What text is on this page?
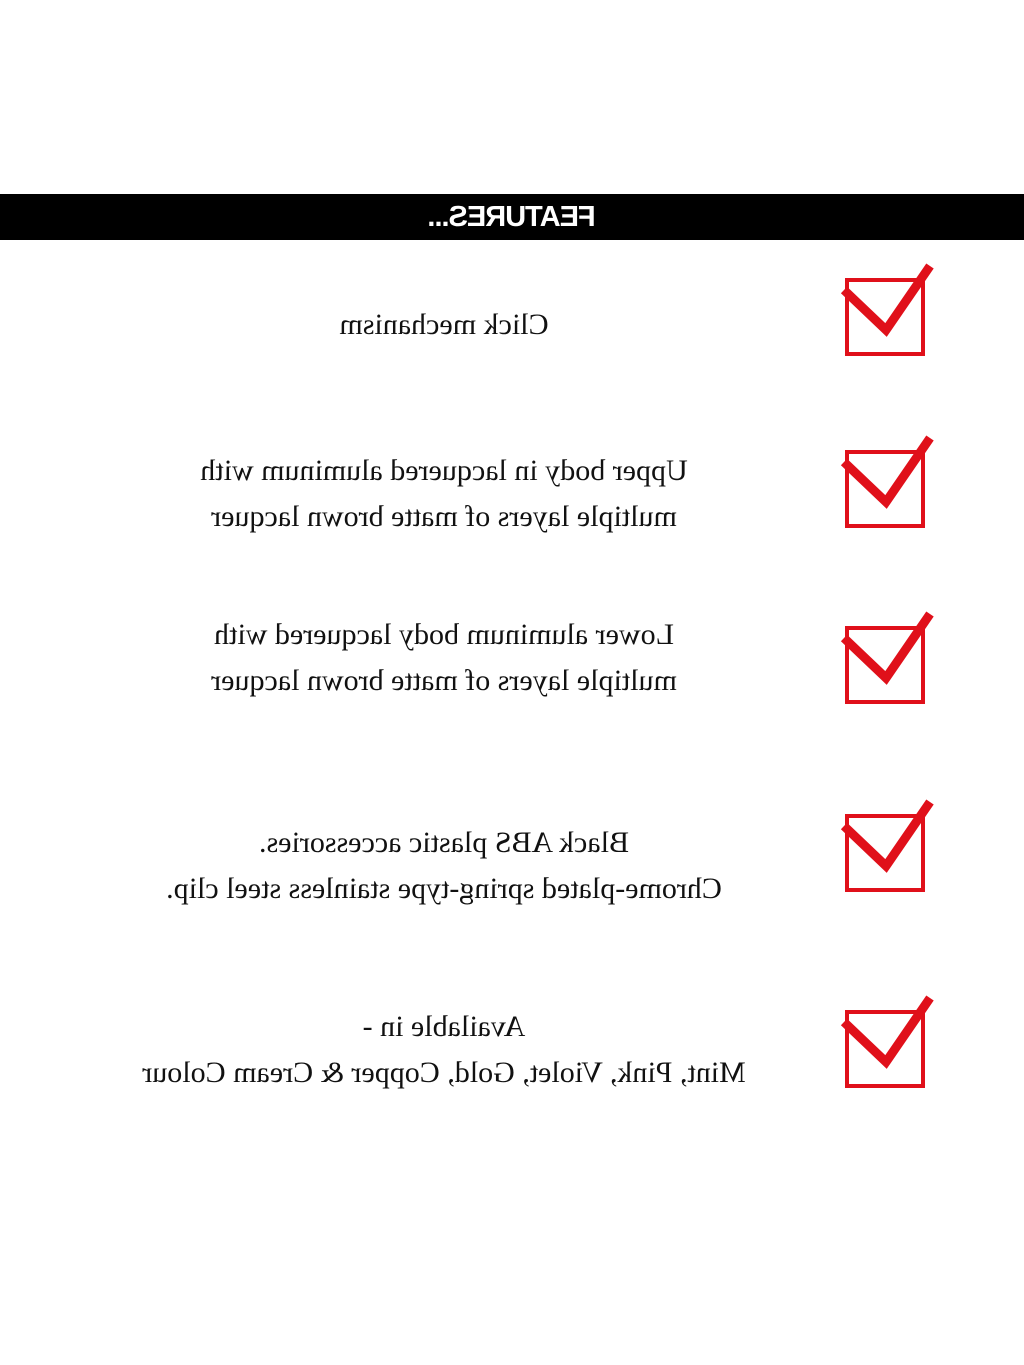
FEATURES...
Click mechanism
Upper body in lacquered aluminum with
multiple layers of matte brown lacquer
Lower aluminum body lacquered with
multiple layers of matte brown lacquer
Black ABS plastic accessories.
Chrome-plated spring-type stainless steel clip.
Available in -
Mint, Pink, Violet, Gold, Copper & Cream Colour
